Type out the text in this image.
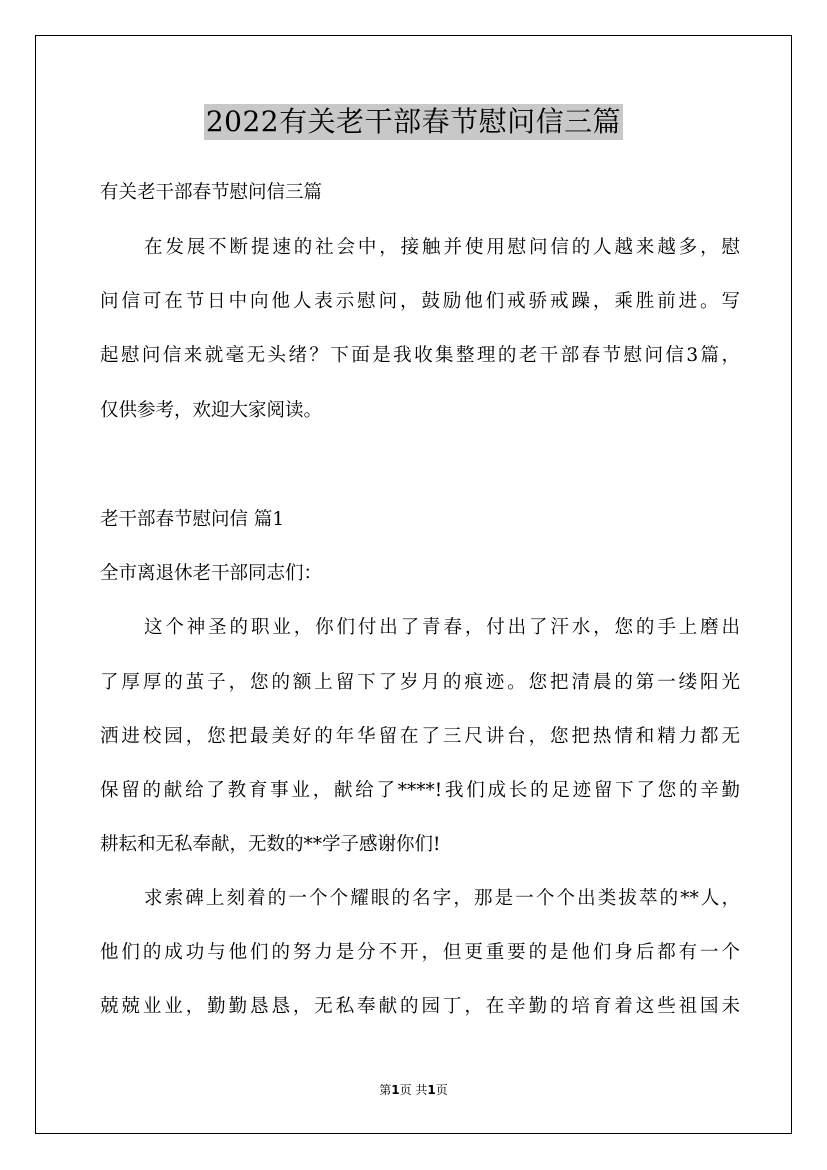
2022有关老干部春节慰问信三篇
有关老干部春节慰问信三篇
在发展不断提速的社会中，接触并使用慰问信的人越来越多，慰
问信可在节日中向他人表示慰问，鼓励他们戒骄戒躁，乘胜前进。写
起慰问信来就毫无头绪？下面是我收集整理的老干部春节慰问信3篇，
仅供参考，欢迎大家阅读。
老干部春节慰问信 篇1
全市离退休老干部同志们：
这个神圣的职业，你们付出了青春，付出了汗水，您的手上磨出
了厚厚的茧子，您的额上留下了岁月的痕迹。您把清晨的第一缕阳光
洒进校园，您把最美好的年华留在了三尺讲台，您把热情和精力都无
保留的献给了教育事业，献给了****!我们成长的足迹留下了您的辛勤
耕耘和无私奉献，无数的**学子感谢你们!
求索碑上刻着的一个个耀眼的名字，那是一个个出类拔萃的**人，
他们的成功与他们的努力是分不开，但更重要的是他们身后都有一个
兢兢业业，勤勤恳恳，无私奉献的园丁，在辛勤的培育着这些祖国未
第1页 共1页
